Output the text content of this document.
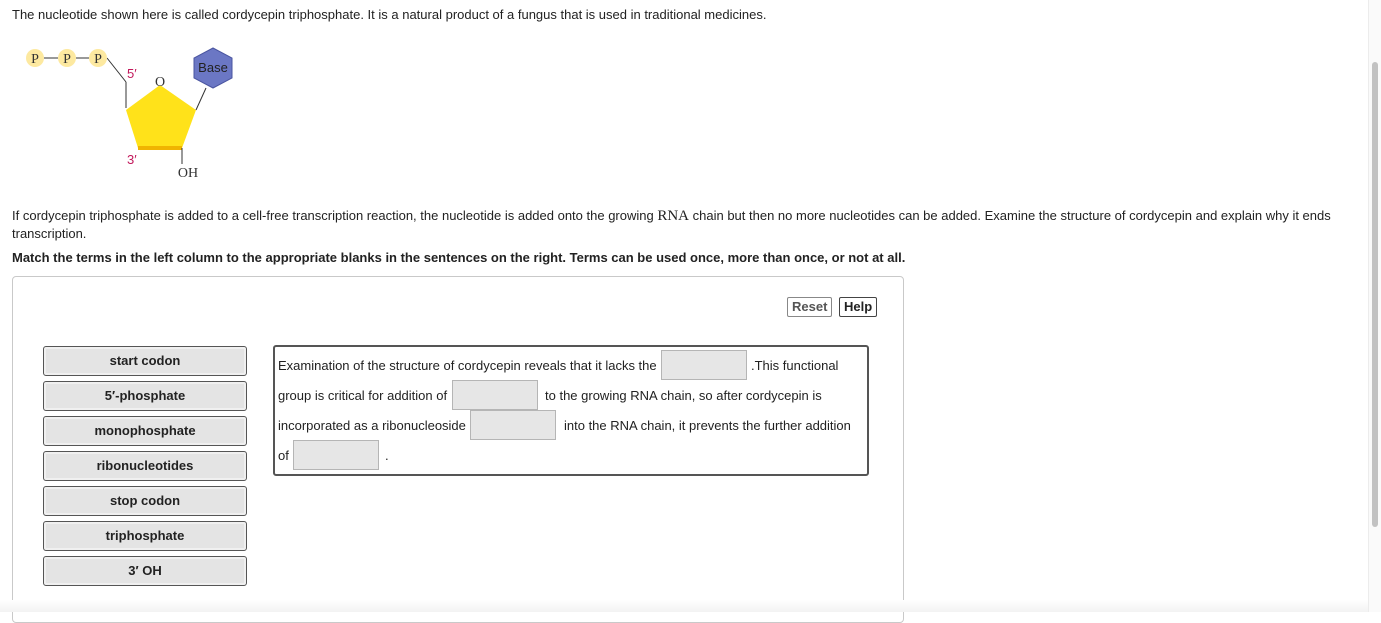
The nucleotide shown here is called cordycepin triphosphate. It is a natural product of a fungus that is used in traditional medicines.
P P P
5′
O
Base
3′
OH
If cordycepin triphosphate is added to a cell-free transcription reaction, the nucleotide is added onto the growing RNA chain but then no more nucleotides can be added. Examine the structure of cordycepin and explain why it ends transcription.
Match the terms in the left column to the appropriate blanks in the sentences on the right. Terms can be used once, more than once, or not at all.
Reset	Help
start codon
5′-phosphate
monophosphate
ribonucleotides
stop codon
triphosphate
3′ OH
Examination of the structure of cordycepin reveals that it lacks the	.This functional
group is critical for addition of	to the growing RNA chain, so after cordycepin is
incorporated as a ribonucleoside	into the RNA chain, it prevents the further addition
of	.
